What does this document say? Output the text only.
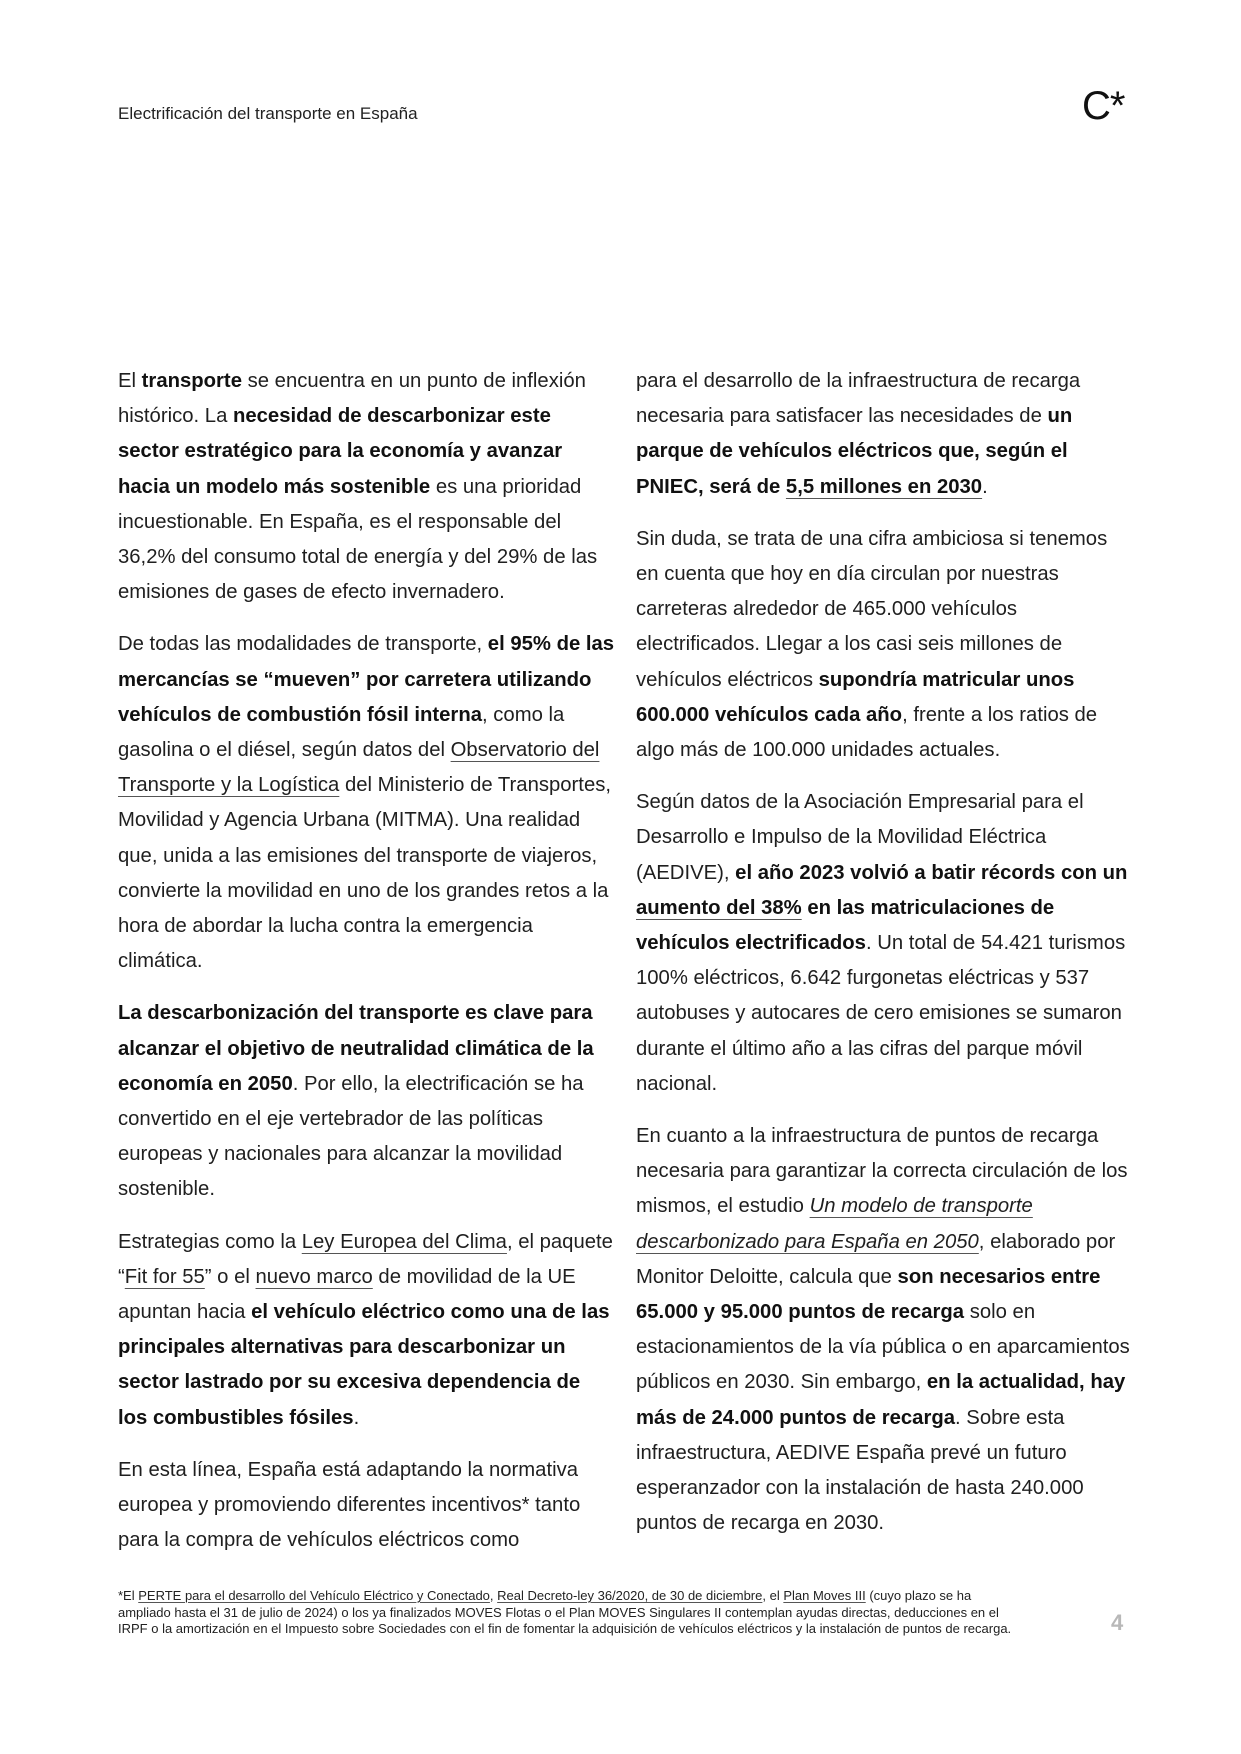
Electrificación del transporte en España	C*

El transporte se encuentra en un punto de inflexión histórico. La necesidad de descarbonizar este sector estratégico para la economía y avanzar hacia un modelo más sostenible es una prioridad incuestionable. En España, es el responsable del 36,2% del consumo total de energía y del 29% de las emisiones de gases de efecto invernadero.

De todas las modalidades de transporte, el 95% de las mercancías se “mueven” por carretera utilizando vehículos de combustión fósil interna, como la gasolina o el diésel, según datos del Observatorio del Transporte y la Logística del Ministerio de Transportes, Movilidad y Agencia Urbana (MITMA). Una realidad que, unida a las emisiones del transporte de viajeros, convierte la movilidad en uno de los grandes retos a la hora de abordar la lucha contra la emergencia climática.

La descarbonización del transporte es clave para alcanzar el objetivo de neutralidad climática de la economía en 2050. Por ello, la electrificación se ha convertido en el eje vertebrador de las políticas europeas y nacionales para alcanzar la movilidad sostenible.

Estrategias como la Ley Europea del Clima, el paquete “Fit for 55” o el nuevo marco de movilidad de la UE apuntan hacia el vehículo eléctrico como una de las principales alternativas para descarbonizar un sector lastrado por su excesiva dependencia de los combustibles fósiles.

En esta línea, España está adaptando la normativa europea y promoviendo diferentes incentivos* tanto para la compra de vehículos eléctricos como

para el desarrollo de la infraestructura de recarga necesaria para satisfacer las necesidades de un parque de vehículos eléctricos que, según el PNIEC, será de 5,5 millones en 2030.

Sin duda, se trata de una cifra ambiciosa si tenemos en cuenta que hoy en día circulan por nuestras carreteras alrededor de 465.000 vehículos electrificados. Llegar a los casi seis millones de vehículos eléctricos supondría matricular unos 600.000 vehículos cada año, frente a los ratios de algo más de 100.000 unidades actuales.

Según datos de la Asociación Empresarial para el Desarrollo e Impulso de la Movilidad Eléctrica (AEDIVE), el año 2023 volvió a batir récords con un aumento del 38% en las matriculaciones de vehículos electrificados. Un total de 54.421 turismos 100% eléctricos, 6.642 furgonetas eléctricas y 537 autobuses y autocares de cero emisiones se sumaron durante el último año a las cifras del parque móvil nacional.

En cuanto a la infraestructura de puntos de recarga necesaria para garantizar la correcta circulación de los mismos, el estudio Un modelo de transporte descarbonizado para España en 2050, elaborado por Monitor Deloitte, calcula que son necesarios entre 65.000 y 95.000 puntos de recarga solo en estacionamientos de la vía pública o en aparcamientos públicos en 2030. Sin embargo, en la actualidad, hay más de 24.000 puntos de recarga. Sobre esta infraestructura, AEDIVE España prevé un futuro esperanzador con la instalación de hasta 240.000 puntos de recarga en 2030.

*El PERTE para el desarrollo del Vehículo Eléctrico y Conectado, Real Decreto-ley 36/2020, de 30 de diciembre, el Plan Moves III (cuyo plazo se ha ampliado hasta el 31 de julio de 2024) o los ya finalizados MOVES Flotas o el Plan MOVES Singulares II contemplan ayudas directas, deducciones en el IRPF o la amortización en el Impuesto sobre Sociedades con el fin de fomentar la adquisición de vehículos eléctricos y la instalación de puntos de recarga.	4
